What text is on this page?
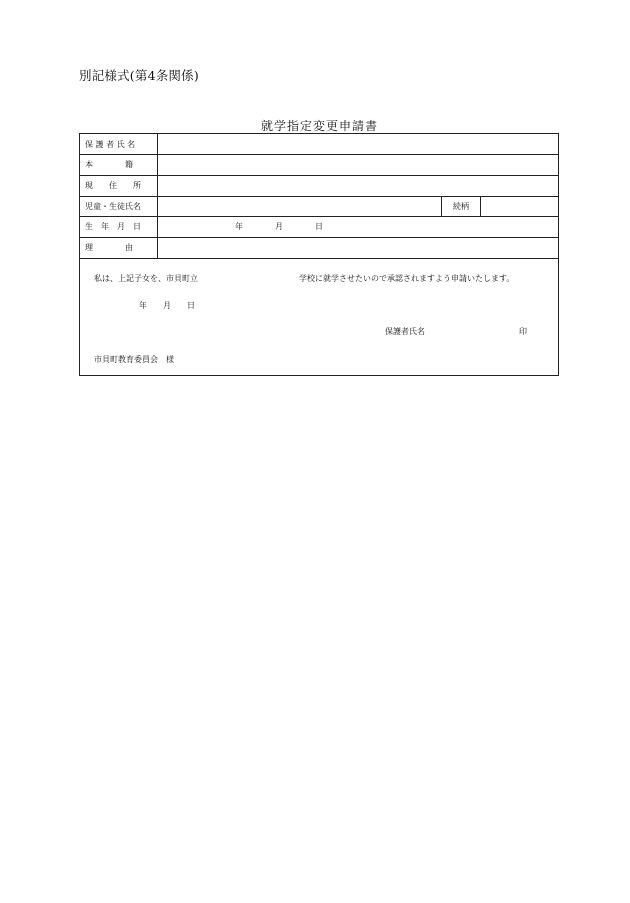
別記様式(第4条関係)
就学指定変更申請書
保 護 者 氏 名
本　　　　籍
現　　住　　所
児童・生徒氏名	続柄
生　年　月　日	年　　　　月　　　　日
理　　　　由
私は、上記子女を、市貝町立	学校に就学させたいので承認されますよう申請いたします。
年　　月　　日
保護者氏名	印
市貝町教育委員会　様
